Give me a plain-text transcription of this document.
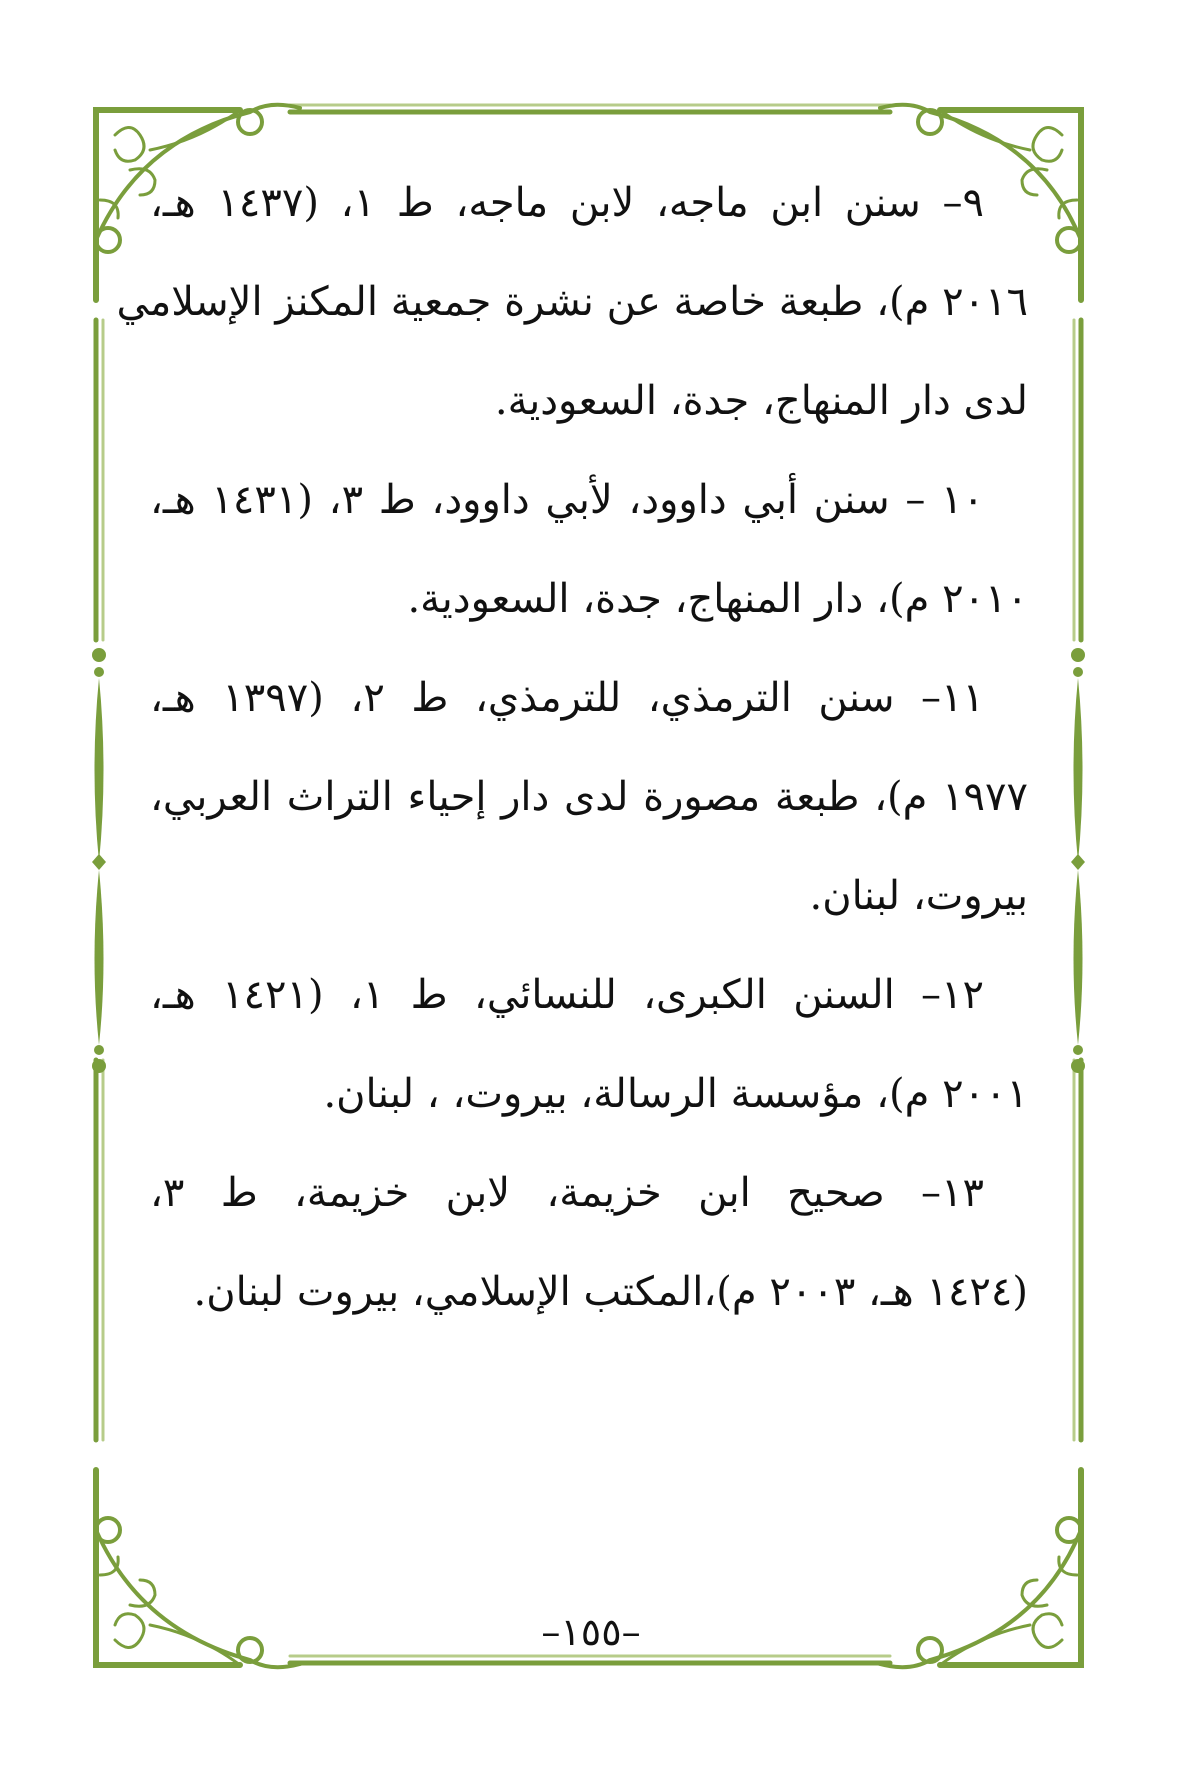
٩– سنن ابن ماجه، لابن ماجه، ط ١، (١٤٣٧ هـ،
٢٠١٦ م)، طبعة خاصة عن نشرة جمعية المكنز الإسلامي
لدى دار المنهاج، جدة، السعودية.
١٠ – سنن أبي داوود، لأبي داوود، ط ٣، (١٤٣١ هـ،
٢٠١٠ م)، دار المنهاج، جدة، السعودية.
١١– سنن الترمذي، للترمذي، ط ٢، (١٣٩٧ هـ،
١٩٧٧ م)، طبعة مصورة لدى دار إحياء التراث العربي،
بيروت، لبنان.
١٢– السنن الكبرى، للنسائي، ط ١، (١٤٢١ هـ،
٢٠٠١ م)، مؤسسة الرسالة، بيروت، ، لبنان.
١٣– صحيح ابن خزيمة، لابن خزيمة، ط ٣،
(١٤٢٤ هـ، ٢٠٠٣ م)،المكتب الإسلامي، بيروت لبنان.
–١٥٥–
